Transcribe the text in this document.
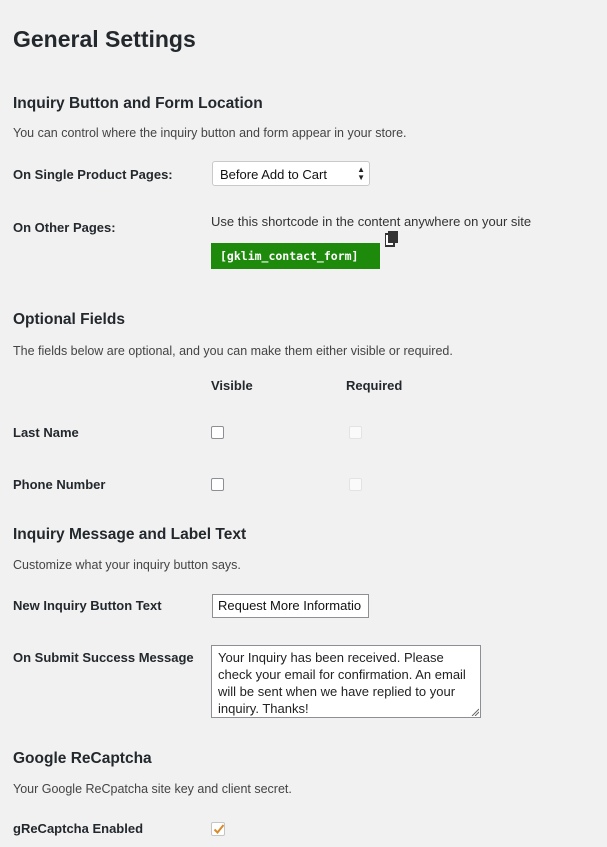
General Settings
Inquiry Button and Form Location

You can control where the inquiry button and form appear in your store.

On Single Product Pages:	Before Add to Cart	▲
▼
On Other Pages:	Use this shortcode in the content anywhere on your site
[gklim_contact_form]
Optional Fields

The fields below are optional, and you can make them either visible or required.

Visible	Required
Last Name
Phone Number
Inquiry Message and Label Text

Customize what your inquiry button says.

New Inquiry Button Text	Request More Informatio
On Submit Success Message	Your Inquiry has been received. Please check your email for confirmation. An email will be sent when we have replied to your inquiry. Thanks!
Google ReCaptcha

Your Google ReCpatcha site key and client secret.

gReCaptcha Enabled
